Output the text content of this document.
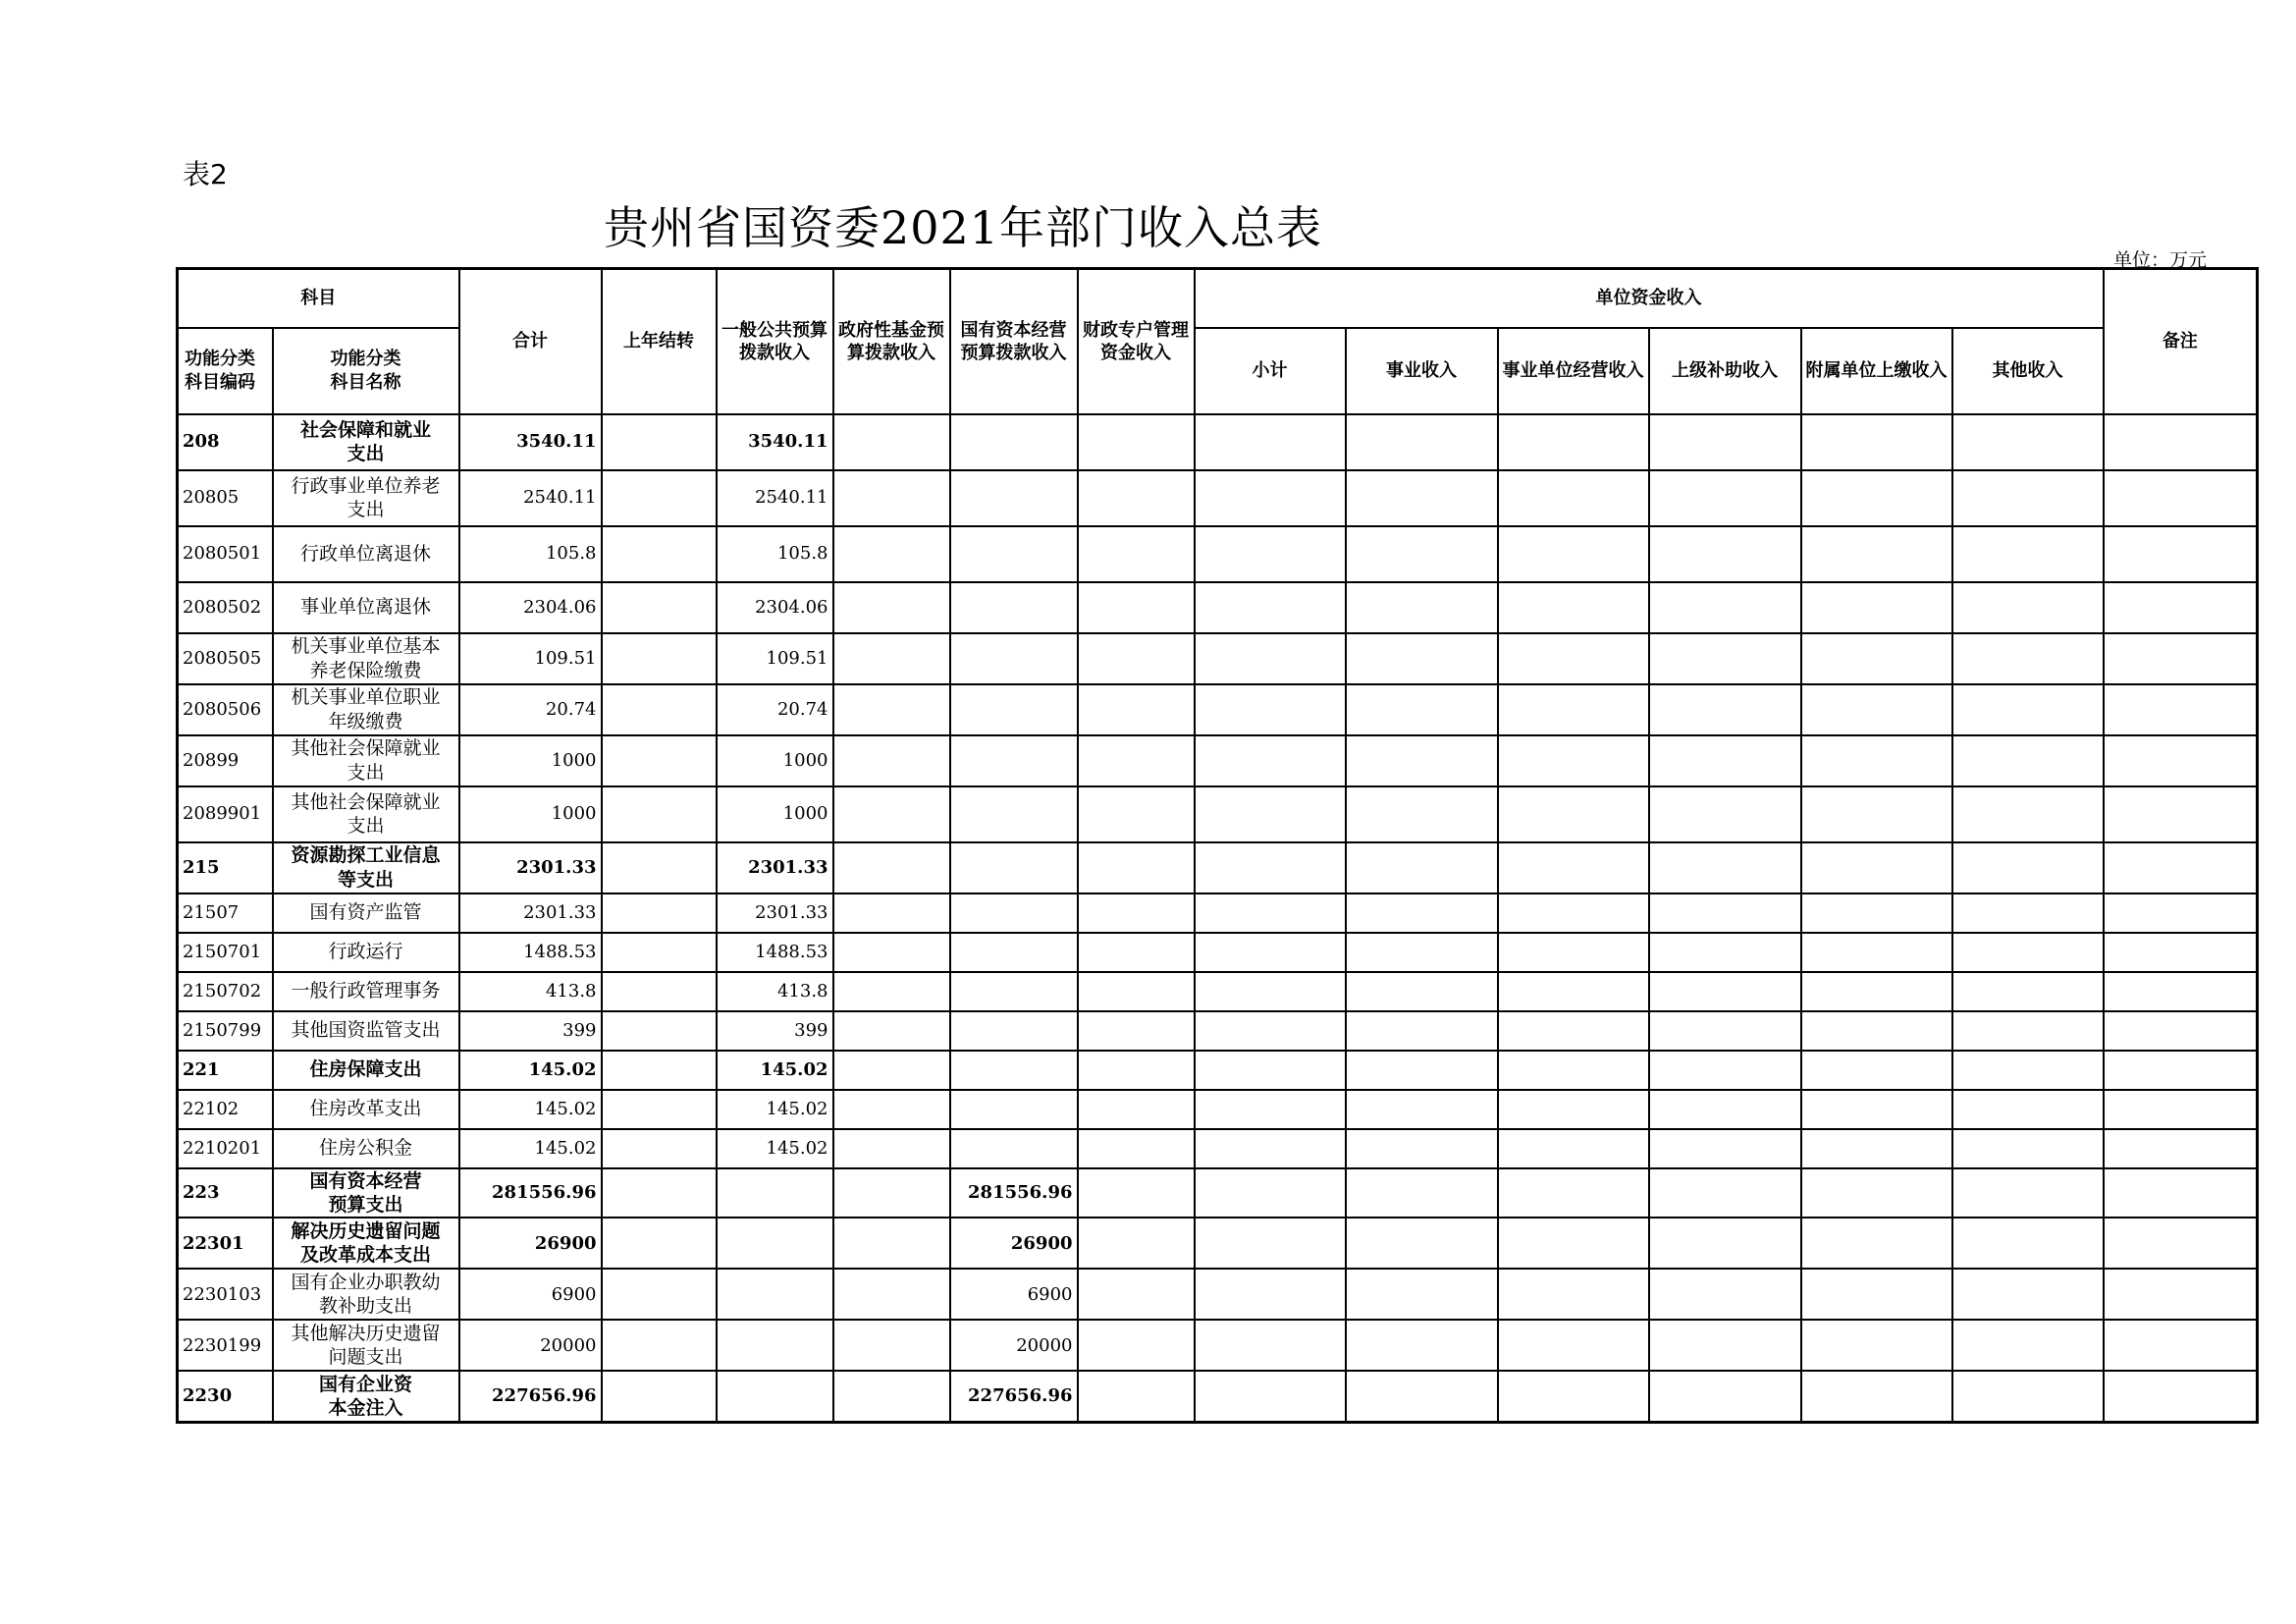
表2
贵州省国资委2021年部门收入总表
单位：万元
科目		合计	上年结转	一般公共预算拨款收入	政府性基金预算拨款收入	国有资本经营预算拨款收入	财政专户管理资金收入	单位资金收入						备注
功能分类科目编码	功能分类
科目名称							小计	事业收入	事业单位经营收入	上级补助收入	附属单位上缴收入	其他收入	
208	社会保障和就业
支出	3540.11		3540.11										
20805	行政事业单位养老
支出	2540.11		2540.11										
2080501	行政单位离退休	105.8		105.8										
2080502	事业单位离退休	2304.06		2304.06										
2080505	机关事业单位基本
养老保险缴费	109.51		109.51										
2080506	机关事业单位职业
年级缴费	20.74		20.74										
20899	其他社会保障就业
支出	1000		1000										
2089901	其他社会保障就业
支出	1000		1000										
215	资源勘探工业信息
等支出	2301.33		2301.33										
21507	国有资产监管	2301.33		2301.33										
2150701	行政运行	1488.53		1488.53										
2150702	一般行政管理事务	413.8		413.8										
2150799	其他国资监管支出	399		399										
221	住房保障支出	145.02		145.02										
22102	住房改革支出	145.02		145.02										
2210201	住房公积金	145.02		145.02										
223	国有资本经营
预算支出	281556.96				281556.96								
22301	解决历史遗留问题
及改革成本支出	26900				26900								
2230103	国有企业办职教幼
教补助支出	6900				6900								
2230199	其他解决历史遗留
问题支出	20000				20000								
2230	国有企业资
本金注入	227656.96				227656.96								
